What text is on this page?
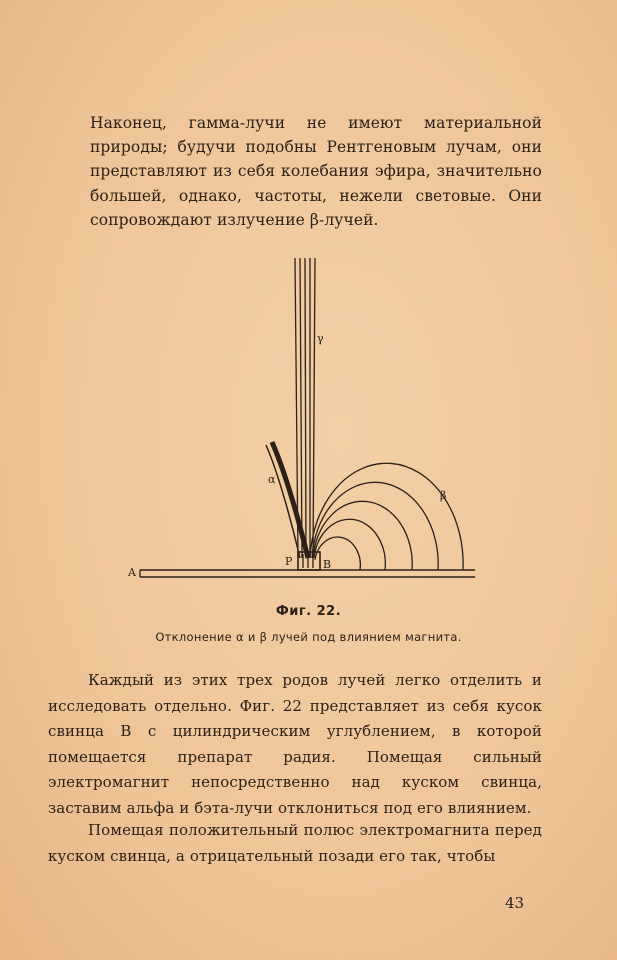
Наконец, гамма-лучи не имеют материальной природы; будучи подобны Рентгеновым лучам, они представляют из себя колебания эфира, значительно большей, однако, частоты, нежели световые. Они сопровождают излучение β-лучей.

γ
α
β
P	B
A
Фиг. 22.
Отклонение α и β лучей под влиянием магнита.

Каждый из этих трех родов лучей легко отделить и исследовать отдельно. Фиг. 22 представляет из себя кусок свинца В с цилиндрическим углублением, в которой помещается препарат радия. Помещая сильный электромагнит непосредственно над куском свинца, заставим альфа и бэта-лучи отклониться под его влиянием.

Помещая положительный полюс электромагнита перед куском свинца, а отрицательный позади его так, чтобы

43
